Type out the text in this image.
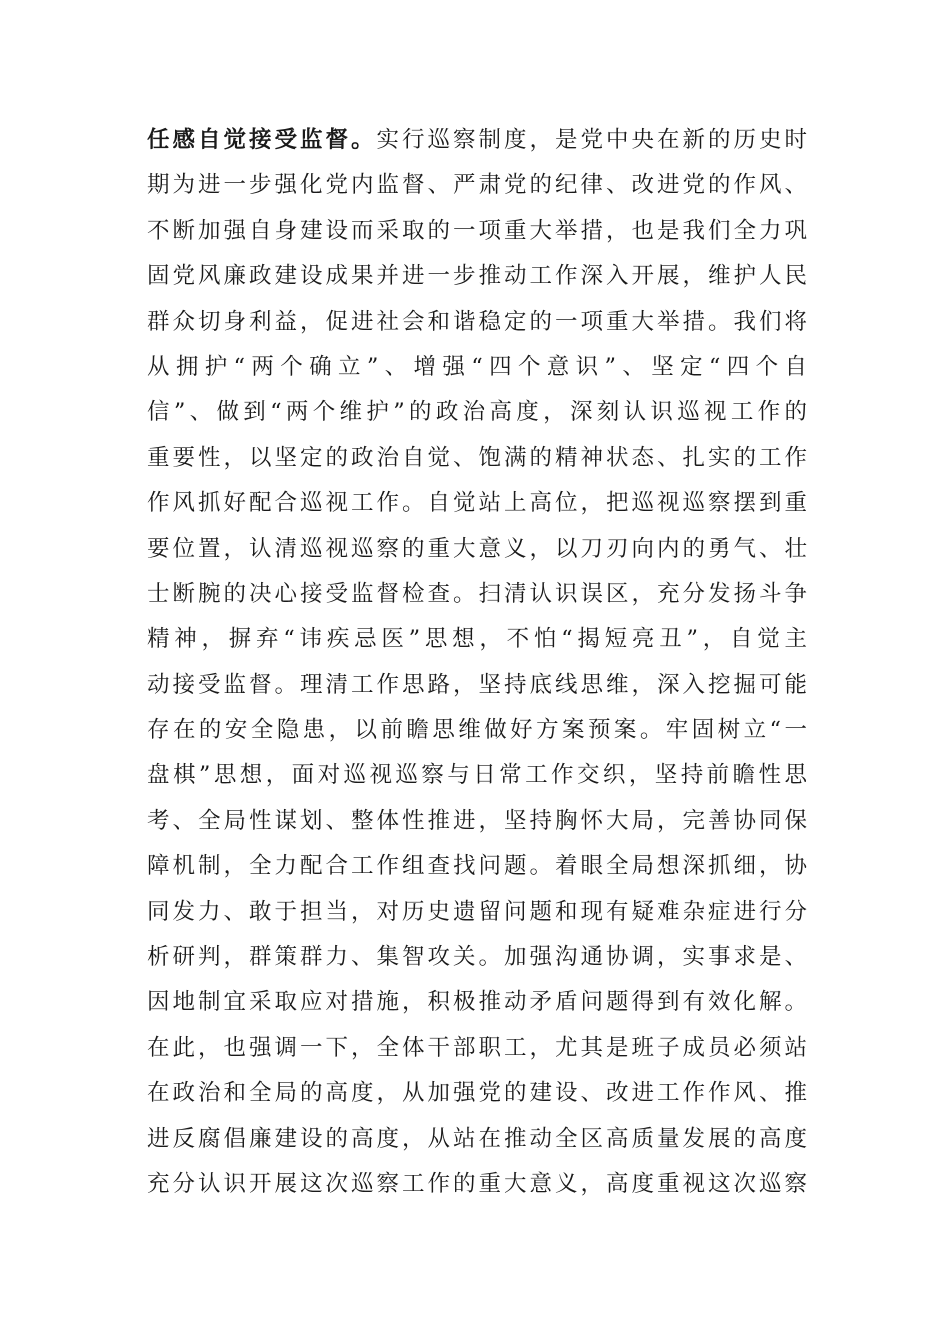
任感自觉接受监督。实行巡察制度，是党中央在新的历史时
期为进一步强化党内监督、严肃党的纪律、改进党的作风、
不断加强自身建设而采取的一项重大举措，也是我们全力巩
固党风廉政建设成果并进一步推动工作深入开展，维护人民
群众切身利益，促进社会和谐稳定的一项重大举措。我们将
从拥护“两个确立”、增强“四个意识”、坚定“四个自
信”、做到“两个维护”的政治高度，深刻认识巡视工作的
重要性，以坚定的政治自觉、饱满的精神状态、扎实的工作
作风抓好配合巡视工作。自觉站上高位，把巡视巡察摆到重
要位置，认清巡视巡察的重大意义，以刀刃向内的勇气、壮
士断腕的决心接受监督检查。扫清认识误区，充分发扬斗争
精神，摒弃“讳疾忌医”思想，不怕“揭短亮丑”，自觉主
动接受监督。理清工作思路，坚持底线思维，深入挖掘可能
存在的安全隐患，以前瞻思维做好方案预案。牢固树立“一
盘棋”思想，面对巡视巡察与日常工作交织，坚持前瞻性思
考、全局性谋划、整体性推进，坚持胸怀大局，完善协同保
障机制，全力配合工作组查找问题。着眼全局想深抓细，协
同发力、敢于担当，对历史遗留问题和现有疑难杂症进行分
析研判，群策群力、集智攻关。加强沟通协调，实事求是、
因地制宜采取应对措施，积极推动矛盾问题得到有效化解。
在此，也强调一下，全体干部职工，尤其是班子成员必须站
在政治和全局的高度，从加强党的建设、改进工作作风、推
进反腐倡廉建设的高度，从站在推动全区高质量发展的高度
充分认识开展这次巡察工作的重大意义，高度重视这次巡察
